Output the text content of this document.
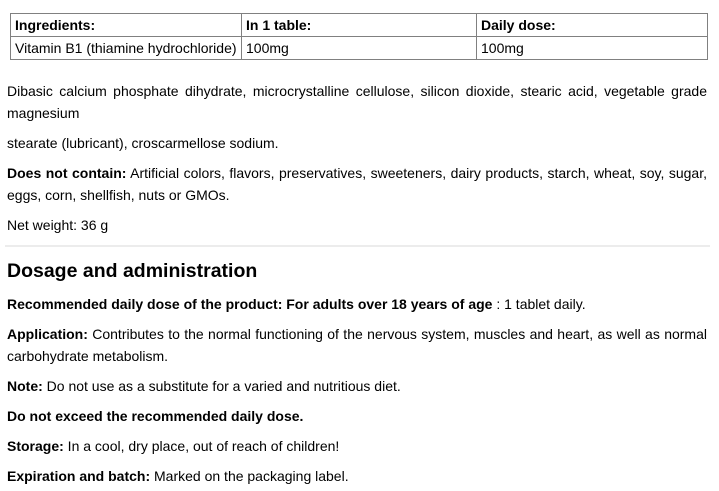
Ingredients:	In 1 table:	Daily dose:
Vitamin B1 (thiamine hydrochloride)	100mg	100mg

Dibasic calcium phosphate dihydrate, microcrystalline cellulose, silicon dioxide, stearic acid, vegetable grade magnesium

stearate (lubricant), croscarmellose sodium.

Does not contain: Artificial colors, flavors, preservatives, sweeteners, dairy products, starch, wheat, soy, sugar, eggs, corn, shellfish, nuts or GMOs.

Net weight: 36 g

Dosage and administration

Recommended daily dose of the product: For adults over 18 years of age : 1 tablet daily.

Application: Contributes to the normal functioning of the nervous system, muscles and heart, as well as normal carbohydrate metabolism.

Note: Do not use as a substitute for a varied and nutritious diet.

Do not exceed the recommended daily dose.

Storage: In a cool, dry place, out of reach of children!

Expiration and batch: Marked on the packaging label.
